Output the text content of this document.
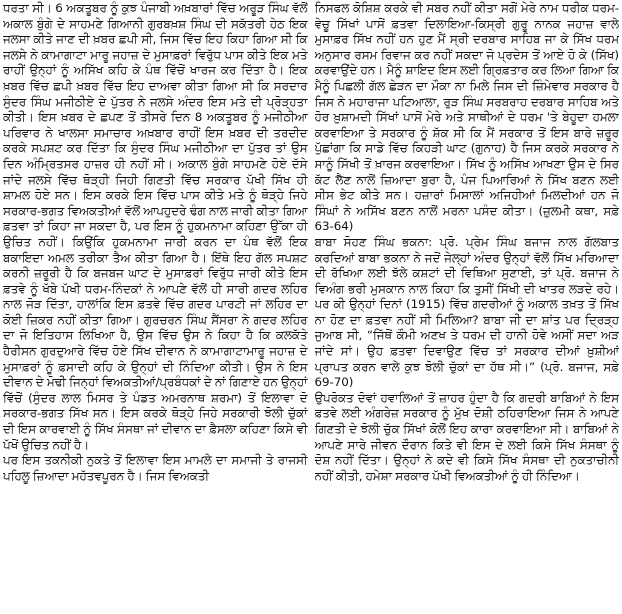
ਧਰਤਾ ਸੀ। 6 ਅਕਤੂਬਰ ਨੂੰ ਕੁਝ ਪੰਜਾਬੀ ਅਖ਼ਬਾਰਾਂ ਵਿੱਚ ਅਰੂੜ ਸਿੰਘ ਵੱਲੋਂ ਅਕਾਲ ਬੁੰਗੇ ਦੇ ਸਾਹਮਣੇ ਗਿਆਨੀ ਗੁਰਬਖ਼ਸ਼ ਸਿੰਘ ਦੀ ਸਕੱਤਰੀ ਹੇਠ ਇਕ ਜਲਸਾ ਕੀਤੇ ਜਾਣ ਦੀ ਖ਼ਬਰ ਛਪੀ ਸੀ, ਜਿਸ ਵਿੱਚ ਇਹ ਕਿਹਾ ਗਿਆ ਸੀ ਕਿ ਜਲਸੇ ਨੇ ਕਾਮਾਗਾਟਾ ਮਾਰੂ ਜਹਾਜ਼ ਦੇ ਮੁਸਾਫ਼ਰਾਂ ਵਿਰੁੱਧ ਪਾਸ ਕੀਤੇ ਇਕ ਮਤੇ ਰਾਹੀਂ ਉਨ੍ਹਾਂ ਨੂੰ ਅਸਿੱਖ ਕਹਿ ਕੇ ਪੰਥ ਵਿੱਚੋਂ ਖਾਰਜ ਕਰ ਦਿੱਤਾ ਹੈ। ਇਕ ਖ਼ਬਰ ਵਿੱਚ ਛਪੀ ਖ਼ਬਰ ਵਿੱਚ ਇਹ ਦਾਅਵਾ ਕੀਤਾ ਗਿਆ ਸੀ ਕਿ ਸਰਦਾਰ ਸੁੰਦਰ ਸਿੰਘ ਮਜੀਠੀਏ ਦੇ ਪੁੱਤਰ ਨੇ ਜਲਸੇ ਅੰਦਰ ਇਸ ਮਤੇ ਦੀ ਪ੍ਰੋੜ੍ਹਤਾ ਕੀਤੀ। ਇਸ ਖ਼ਬਰ ਦੇ ਛਪਣ ਤੋਂ ਤੀਸਰੇ ਦਿਨ 8 ਅਕਤੂਬਰ ਨੂੰ ਮਜੀਠੀਆ ਪਰਿਵਾਰ ਨੇ ਖਾਲਸਾ ਸਮਾਚਾਰ ਅਖ਼ਬਾਰ ਰਾਹੀਂ ਇਸ ਖ਼ਬਰ ਦੀ ਤਰਦੀਦ ਕਰਕੇ ਸਪਸ਼ਟ ਕਰ ਦਿੱਤਾ ਕਿ ਸੁੰਦਰ ਸਿੰਘ ਮਜੀਠੀਆ ਦਾ ਪੁੱਤਰ ਤਾਂ ਉਸ ਦਿਨ ਅੰਮ੍ਰਿਤਸਰ ਹਾਜ਼ਰ ਹੀ ਨਹੀਂ ਸੀ। ਅਕਾਲ ਬੁੰਗੇ ਸਾਹਮਣੇ ਹੋਏ ਦੱਸੇ ਜਾਂਦੇ ਜਲਸੇ ਵਿੱਚ ਥੋੜ੍ਹੀ ਜਿਹੀ ਗਿਣਤੀ ਵਿੱਚ ਸਰਕਾਰ ਪੱਖੀ ਸਿੱਖ ਹੀ ਸ਼ਾਮਲ ਹੋਏ ਸਨ। ਇਸ ਕਰਕੇ ਇਸ ਵਿੱਚ ਪਾਸ ਕੀਤੇ ਮਤੇ ਨੂੰ ਥੋੜ੍ਹੇ ਜਿਹੇ ਸਰਕਾਰ-ਭਗਤ ਵਿਅਕਤੀਆਂ ਵੱਲੋਂ ਆਪਹੁਦਰੇ ਢੰਗ ਨਾਲ ਜਾਰੀ ਕੀਤਾ ਗਿਆ ਫ਼ਤਵਾ ਤਾਂ ਕਿਹਾ ਜਾ ਸਕਦਾ ਹੈ, ਪਰ ਇਸ ਨੂੰ ਹੁਕਮਨਾਮਾ ਕਹਿਣਾ ਉੱਕਾ ਹੀ ਉਚਿਤ ਨਹੀਂ। ਕਿਉਂਕਿ ਹੁਕਮਨਾਮਾ ਜਾਰੀ ਕਰਨ ਦਾ ਪੰਥ ਵੱਲੋਂ ਇਕ ਬਕਾਇਦਾ ਅਮਲ ਤਰੀਕਾ ਤੈਅ ਕੀਤਾ ਗਿਆ ਹੈ। ਇੱਥੇ ਇਹ ਗੱਲ ਸਪਸ਼ਟ ਕਰਨੀ ਜ਼ਰੂਰੀ ਹੈ ਕਿ ਬਜਬਜ ਘਾਟ ਦੇ ਮੁਸਾਫ਼ਰਾਂ ਵਿਰੁੱਧ ਜਾਰੀ ਕੀਤੇ ਇਸ ਫ਼ਤਵੇ ਨੂੰ ਖੱਬੇ ਪੱਖੀ ਧਰਮ-ਨਿੰਦਕਾਂ ਨੇ ਆਪਣੇ ਵੱਲੋਂ ਹੀ ਸਾਰੀ ਗਦਰ ਲਹਿਰ ਨਾਲ ਜੋੜ ਦਿੱਤਾ, ਹਾਲਾਂਕਿ ਇਸ ਫ਼ਤਵੇ ਵਿੱਚ ਗਦਰ ਪਾਰਟੀ ਜਾਂ ਲਹਿਰ ਦਾ ਕੋਈ ਜ਼ਿਕਰ ਨਹੀਂ ਕੀਤਾ ਗਿਆ। ਗੁਰਚਰਨ ਸਿੰਘ ਸੈਂਸਰਾ ਨੇ ਗਦਰ ਲਹਿਰ ਦਾ ਜੋ ਇਤਿਹਾਸ ਲਿਖਿਆ ਹੈ, ਉਸ ਵਿੱਚ ਉਸ ਨੇ ਕਿਹਾ ਹੈ ਕਿ ਕਲਕੱਤੇ ਹੈਰੀਸਨ ਗੁਰਦੁਆਰੇ ਵਿੱਚ ਹੋਏ ਸਿੱਖ ਦੀਵਾਨ ਨੇ ਕਾਮਾਗਾਟਾਮਾਰੂ ਜਹਾਜ਼ ਦੇ ਮੁਸਾਫ਼ਰਾਂ ਨੂੰ ਫ਼ਸਾਦੀ ਕਹਿ ਕੇ ਉਨ੍ਹਾਂ ਦੀ ਨਿੰਦਿਆ ਕੀਤੀ। ਉਸ ਨੇ ਇਸ ਦੀਵਾਨ ਦੇ ਮੋਢੀ ਜਿਨ੍ਹਾਂ ਵਿਅਕਤੀਆਂ/ਪ੍ਰਬੰਧਕਾਂ ਦੇ ਨਾਂ ਗਿਣਾਏ ਹਨ ਉਨ੍ਹਾਂ ਵਿੱਚੋਂ (ਸੁੰਦਰ ਲਾਲ ਮਿਸਰ ਤੇ ਪੰਡਤ ਅਮਰਨਾਥ ਸ਼ਰਮਾ) ਤੋਂ ਇਲਾਵਾ ਦੋ ਸਰਕਾਰ-ਭਗਤ ਸਿੱਖ ਸਨ। ਇਸ ਕਰਕੇ ਥੋੜ੍ਹੇ ਜਿਹੇ ਸਰਕਾਰੀ ਝੋਲੀ ਚੁੱਕਾਂ ਦੀ ਇਸ ਕਾਰਵਾਈ ਨੂੰ ਸਿੱਖ ਸੰਸਥਾ ਜਾਂ ਦੀਵਾਨ ਦਾ ਫ਼ੈਸਲਾ ਕਹਿਣਾ ਕਿਸੇ ਵੀ ਪੱਖੋਂ ਉਚਿਤ ਨਹੀਂ ਹੈ।

ਪਰ ਇਸ ਤਕਨੀਕੀ ਨੁਕਤੇ ਤੋਂ ਇਲਾਵਾ ਇਸ ਮਾਮਲੇ ਦਾ ਸਮਾਜੀ ਤੇ ਰਾਜਸੀ ਪਹਿਲੂ ਜ਼ਿਆਦਾ ਮਹੱਤਵਪੂਰਨ ਹੈ। ਜਿਸ ਵਿਅਕਤੀ

ਨਿਸਫਲ ਕੋਸ਼ਿਸ਼ ਕਰਕੇ ਵੀ ਸਬਰ ਨਹੀਂ ਕੀਤਾ ਸਗੋਂ ਮੇਰੇ ਨਾਮ ਧਰੀਕ ਧਰਮ-ਵੇਚੂ ਸਿੱਖਾਂ ਪਾਸੋਂ ਫ਼ਤਵਾ ਦਿਲਾਇਆ-ਕਿਸ੍ਰੀ ਗੁਰੂ ਨਾਨਕ ਜਹਾਜ਼ ਵਾਲੇ ਮੁਸਾਫ਼ਰ ਸਿੱਖ ਨਹੀਂ ਹਨ ਹੁਣ ਮੈਂ ਸ੍ਰੀ ਦਰਬਾਰ ਸਾਹਿਬ ਜਾ ਕੇ ਸਿੱਖ ਧਰਮ ਅਨੁਸਾਰ ਰਸਮ ਰਿਵਾਜ ਕਰ ਨਹੀਂ ਸਕਦਾ ਜੋ ਪ੍ਰਦੇਸ ਤੋਂ ਆਏ ਹੋ ਕੇ (ਸਿੱਖ) ਕਰਵਾਉਂਦੇ ਹਨ। ਮੈਨੂੰ ਸ਼ਾਇਦ ਇਸ ਲਈ ਗ੍ਰਿਫ਼ਤਾਰ ਕਰ ਲਿਆ ਗਿਆ ਕਿ ਮੈਨੂੰ ਪਿਛਲੀ ਗੱਲ ਛੇੜਨ ਦਾ ਮੌਕਾ ਨਾ ਮਿਲੇ ਜਿਸ ਦੀ ਜ਼ਿੰਮੇਵਾਰ ਸਰਕਾਰ ਹੈ ਜਿਸ ਨੇ ਮਹਾਰਾਜਾ ਪਟਿਆਲਾ, ਰੁੜ ਸਿੰਘ ਸਰਬਰਾਹ ਦਰਬਾਰ ਸਾਹਿਬ ਅਤੇ ਹੋਰ ਖ਼ੁਸ਼ਾਮਦੀ ਸਿੱਖਾਂ ਪਾਸੋਂ ਮੇਰੇ ਅਤੇ ਸਾਥੀਆਂ ਦੇ ਧਰਮ 'ਤੇ ਬੇਹੂਦਾ ਹਮਲਾ ਕਰਵਾਇਆ ਤੇ ਸਰਕਾਰ ਨੂੰ ਸ਼ੱਕ ਸੀ ਕਿ ਮੈਂ ਸਰਕਾਰ ਤੋਂ ਇਸ ਬਾਰੇ ਜ਼ਰੂਰ ਪੁੱਛਾਂਗਾ ਕਿ ਸਾਡੇ ਵਿੱਚ ਕਿਹੜੀ ਘਾਟ (ਗੁਨਾਹ) ਹੈ ਜਿਸ ਕਰਕੇ ਸਰਕਾਰ ਨੇ ਸਾਨੂੰ ਸਿੱਖੀ ਤੋਂ ਖ਼ਾਰਜ ਕਰਵਾਇਆ। ਸਿੱਖ ਨੂੰ ਅਸਿੱਖ ਆਖਣਾ ਉਸ ਦੇ ਸਿਰ ਕੱਟ ਲੈਣ ਨਾਲੋਂ ਜ਼ਿਆਦਾ ਬੁਰਾ ਹੈ, ਪੰਜ ਪਿਆਰਿਆਂ ਨੇ ਸਿੱਖ ਬਣਨ ਲਈ ਸੀਸ ਭੇਟ ਕੀਤੇ ਸਨ। ਹਜ਼ਾਰਾਂ ਮਿਸਾਲਾਂ ਅਜਿਹੀਆਂ ਮਿਲਦੀਆਂ ਹਨ ਜੋ ਸਿੰਘਾਂ ਨੇ ਅਸਿੱਖ ਬਣਨ ਨਾਲੋਂ ਮਰਨਾ ਪਸੰਦ ਕੀਤਾ। (ਜ਼ੁਲਮੀ ਕਥਾ, ਸਫ਼ੇ 63-64)

ਬਾਬਾ ਸੋਹਣ ਸਿੰਘ ਭਕਨਾ: ਪ੍ਰੋ. ਪ੍ਰੇਮ ਸਿੰਘ ਬਜਾਜ ਨਾਲ ਗੱਲਬਾਤ ਕਰਦਿਆਂ ਬਾਬਾ ਭਕਨਾ ਨੇ ਜਦੋਂ ਜੇਲ੍ਹਾਂ ਅੰਦਰ ਉਨ੍ਹਾਂ ਵੱਲੋਂ ਸਿੱਖ ਮਰਿਆਦਾ ਦੀ ਰੱਖਿਆ ਲਈ ਝੱਲੇ ਕਸ਼ਟਾਂ ਦੀ ਵਿਥਿਆ ਸੁਣਾਈ, ਤਾਂ ਪ੍ਰੋ. ਬਜਾਜ ਨੇ ਵਿਅੰਗ ਭਰੀ ਮੁਸਕਾਨ ਨਾਲ ਕਿਹਾ ਕਿ ਤੁਸੀਂ ਸਿੱਖੀ ਦੀ ਖਾਤਰ ਲੜਦੇ ਰਹੇ। ਪਰ ਕੀ ਉਨ੍ਹਾਂ ਦਿਨਾਂ (1915) ਵਿੱਚ ਗਦਰੀਆਂ ਨੂੰ ਅਕਾਲ ਤਖ਼ਤ ਤੋਂ ਸਿੱਖ ਨਾ ਹੋਣ ਦਾ ਫ਼ਤਵਾ ਨਹੀਂ ਸੀ ਮਿਲਿਆ? ਬਾਬਾ ਜੀ ਦਾ ਸ਼ਾਂਤ ਪਰ ਦ੍ਰਿੜ੍ਹ ਜੁਆਬ ਸੀ, “ਜਿੱਥੋਂ ਕੌਮੀ ਅਣਖ ਤੇ ਧਰਮ ਦੀ ਹਾਨੀ ਹੋਵੇ ਅਸੀਂ ਸਦਾ ਅੜ ਜਾਂਦੇ ਸਾਂ। ਉਹ ਫ਼ਤਵਾ ਦਿਵਾਉਣ ਵਿੱਚ ਤਾਂ ਸਰਕਾਰ ਦੀਆਂ ਖ਼ੁਸ਼ੀਆਂ ਪ੍ਰਾਪਤ ਕਰਨ ਵਾਲੇ ਕੁਝ ਝੋਲੀ ਚੁੱਕਾਂ ਦਾ ਹੱਥ ਸੀ।” (ਪ੍ਰੋ. ਬਜਾਜ, ਸਫ਼ੇ 69-70)

ਉਪਰੋਕਤ ਦੋਵਾਂ ਹਵਾਲਿਆਂ ਤੋਂ ਜ਼ਾਹਰ ਹੁੰਦਾ ਹੈ ਕਿ ਗਦਰੀ ਬਾਬਿਆਂ ਨੇ ਇਸ ਫ਼ਤਵੇ ਲਈ ਅੰਗਰੇਜ਼ ਸਰਕਾਰ ਨੂੰ ਮੁੱਖ ਦੋਸ਼ੀ ਠਹਿਰਾਇਆ ਜਿਸ ਨੇ ਆਪਣੇ ਗਿਣਤੀ ਦੇ ਝੋਲੀ ਚੁੱਕ ਸਿੱਖਾਂ ਕੋਲੋਂ ਇਹ ਕਾਰਾ ਕਰਵਾਇਆ ਸੀ। ਬਾਬਿਆਂ ਨੇ ਆਪਣੇ ਸਾਰੇ ਜੀਵਨ ਦੌਰਾਨ ਕਿਤੇ ਵੀ ਇਸ ਦੇ ਲਈ ਕਿਸੇ ਸਿੱਖ ਸੰਸਥਾ ਨੂੰ ਦੋਸ਼ ਨਹੀਂ ਦਿੱਤਾ। ਉਨ੍ਹਾਂ ਨੇ ਕਦੇ ਵੀ ਕਿਸੇ ਸਿੱਖ ਸੰਸਥਾ ਦੀ ਨੁਕਤਾਚੀਨੀ ਨਹੀਂ ਕੀਤੀ, ਹਮੇਸ਼ਾ ਸਰਕਾਰ ਪੱਖੀ ਵਿਅਕਤੀਆਂ ਨੂੰ ਹੀ ਨਿੰਦਿਆ।
